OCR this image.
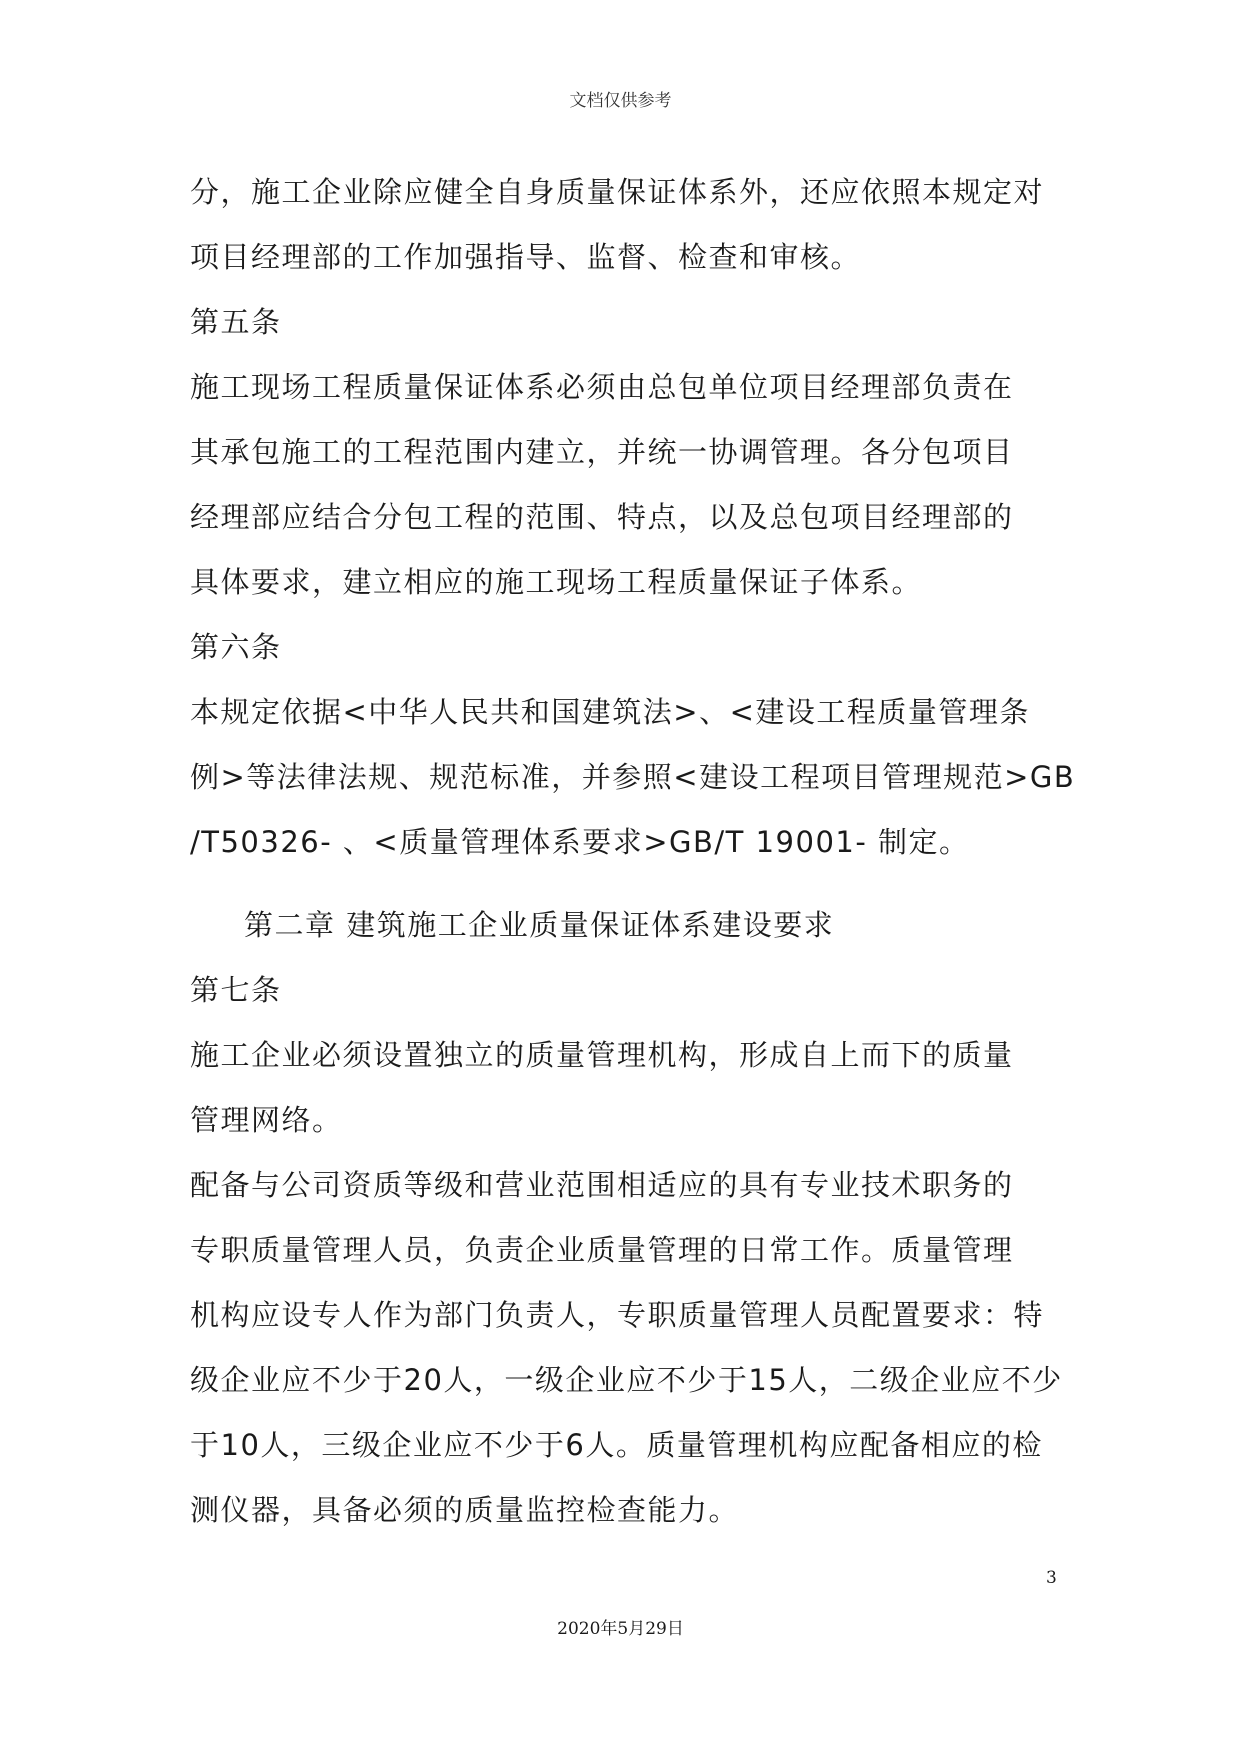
文档仅供参考
分，施工企业除应健全自身质量保证体系外，还应依照本规定对
项目经理部的工作加强指导、监督、检查和审核。
第五条
施工现场工程质量保证体系必须由总包单位项目经理部负责在
其承包施工的工程范围内建立，并统一协调管理。各分包项目
经理部应结合分包工程的范围、特点，以及总包项目经理部的
具体要求，建立相应的施工现场工程质量保证子体系。
第六条
本规定依据<中华人民共和国建筑法>、<建设工程质量管理条
例>等法律法规、规范标准，并参照<建设工程项目管理规范>GB
/T50326- 、<质量管理体系要求>GB/T 19001- 制定。
第二章 建筑施工企业质量保证体系建设要求
第七条
施工企业必须设置独立的质量管理机构，形成自上而下的质量
管理网络。
配备与公司资质等级和营业范围相适应的具有专业技术职务的
专职质量管理人员，负责企业质量管理的日常工作。质量管理
机构应设专人作为部门负责人，专职质量管理人员配置要求：特
级企业应不少于20人，一级企业应不少于15人，二级企业应不少
于10人，三级企业应不少于6人。质量管理机构应配备相应的检
测仪器，具备必须的质量监控检查能力。
3
2020年5月29日
